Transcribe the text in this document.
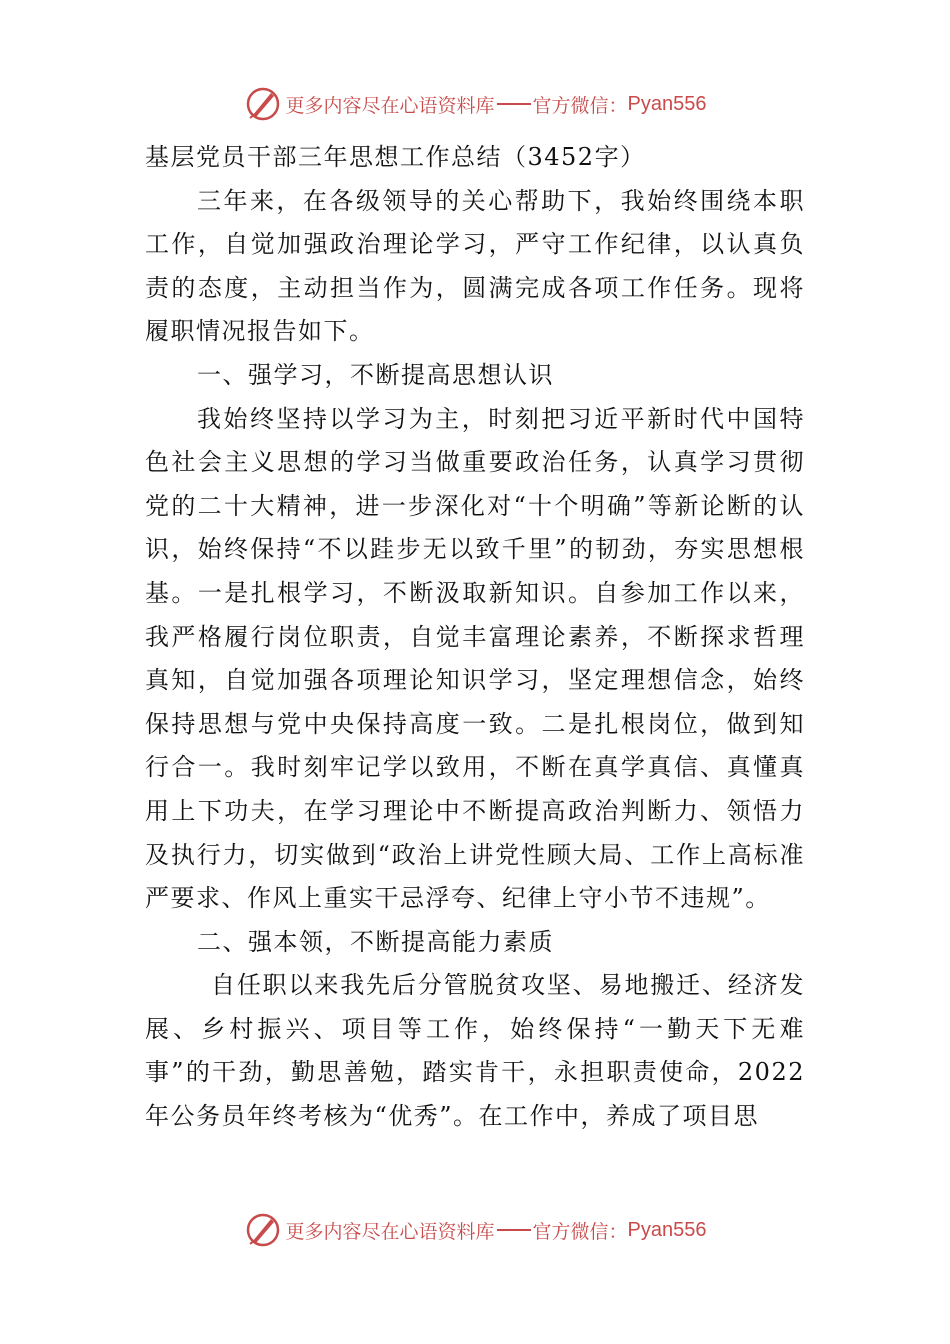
更多内容尽在心语资料库 官方微信： Pyan556

基层党员干部三年思想工作总结（3452字）

三年来，在各级领导的关心帮助下，我始终围绕本职工作，自觉加强政治理论学习，严守工作纪律，以认真负责的态度，主动担当作为，圆满完成各项工作任务。现将履职情况报告如下。

一、强学习，不断提高思想认识

我始终坚持以学习为主，时刻把习近平新时代中国特色社会主义思想的学习当做重要政治任务，认真学习贯彻党的二十大精神，进一步深化对“十个明确”等新论断的认识，始终保持“不以跬步无以致千里”的韧劲，夯实思想根基。一是扎根学习，不断汲取新知识。自参加工作以来，我严格履行岗位职责，自觉丰富理论素养，不断探求哲理真知，自觉加强各项理论知识学习，坚定理想信念，始终保持思想与党中央保持高度一致。二是扎根岗位，做到知行合一。我时刻牢记学以致用，不断在真学真信、真懂真用上下功夫，在学习理论中不断提高政治判断力、领悟力及执行力，切实做到“政治上讲党性顾大局、工作上高标准严要求、作风上重实干忌浮夸、纪律上守小节不违规”。

二、强本领，不断提高能力素质

自任职以来我先后分管脱贫攻坚、易地搬迁、经济发展、乡村振兴、项目等工作，始终保持“一勤天下无难事”的干劲，勤思善勉，踏实肯干，永担职责使命，2022年公务员年终考核为“优秀”。在工作中，养成了项目思

更多内容尽在心语资料库 官方微信： Pyan556
